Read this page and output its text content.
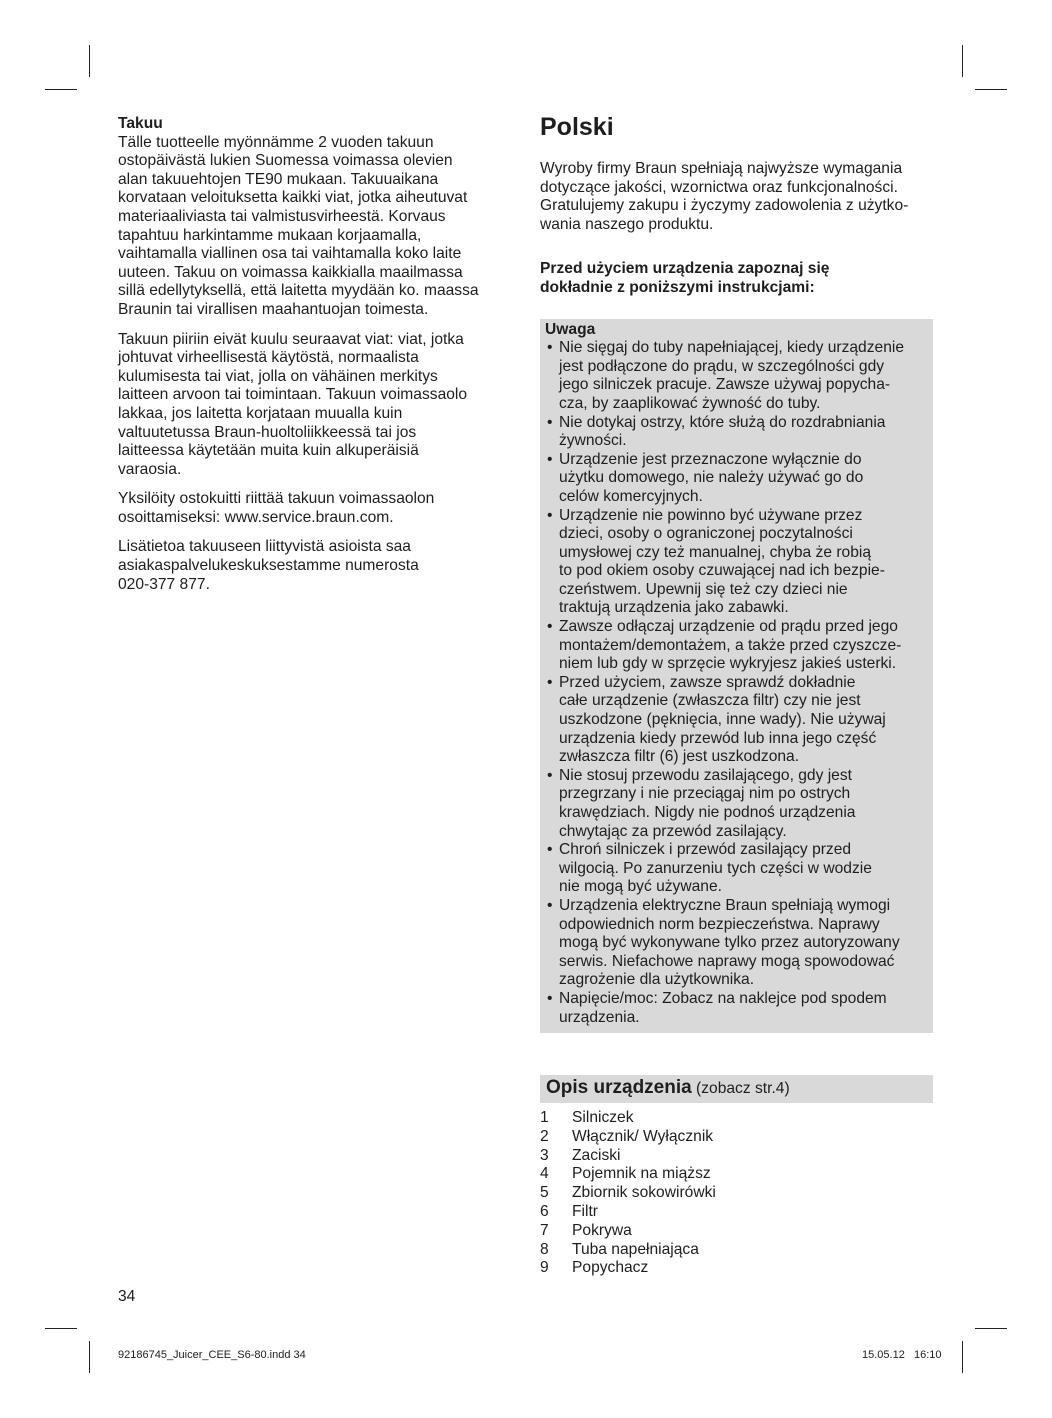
Takuu

Tälle tuotteelle myönnämme 2 vuoden takuun
ostopäivästä lukien Suomessa voimassa olevien
alan takuuehtojen TE90 mukaan. Takuuaikana
korvataan veloituksetta kaikki viat, jotka aiheutuvat
materiaaliviasta tai valmistusvirheestä. Korvaus
tapahtuu harkintamme mukaan korjaamalla,
vaihtamalla viallinen osa tai vaihtamalla koko laite
uuteen. Takuu on voimassa kaikkialla maailmassa
sillä edellytyksellä, että laitetta myydään ko. maassa
Braunin tai virallisen maahantuojan toimesta.

Takuun piiriin eivät kuulu seuraavat viat: viat, jotka
johtuvat virheellisestä käytöstä, normaalista
kulumisesta tai viat, jolla on vähäinen merkitys
laitteen arvoon tai toimintaan. Takuun voimassaolo
lakkaa, jos laitetta korjataan muualla kuin
valtuutetussa Braun-huoltoliikkeessä tai jos
laitteessa käytetään muita kuin alkuperäisiä
varaosia.

Yksilöity ostokuitti riittää takuun voimassaolon
osoittamiseksi: www.service.braun.com.

Lisätietoa takuuseen liittyvistä asioista saa
asiakaspalvelukeskuksestamme numerosta
020-377 877.

Polski

Wyroby firmy Braun spełniają najwyższe wymagania
dotyczące jakości, wzornictwa oraz funkcjonalności.
Gratulujemy zakupu i życzymy zadowolenia z użytko-
wania naszego produktu.

Przed użyciem urządzenia zapoznaj się
dokładnie z poniższymi instrukcjami:

Uwaga
• Nie sięgaj do tuby napełniającej, kiedy urządzenie
jest podłączone do prądu, w szczególności gdy
jego silniczek pracuje. Zawsze używaj popycha-
cza, by zaaplikować żywność do tuby.
• Nie dotykaj ostrzy, które służą do rozdrabniania
żywności.
• Urządzenie jest przeznaczone wyłącznie do
użytku domowego, nie należy używać go do
celów komercyjnych.
• Urządzenie nie powinno być używane przez
dzieci, osoby o ograniczonej poczytalności
umysłowej czy też manualnej, chyba że robią
to pod okiem osoby czuwającej nad ich bezpie-
czeństwem. Upewnij się też czy dzieci nie
traktują urządzenia jako zabawki.
• Zawsze odłączaj urządzenie od prądu przed jego
montażem/demontażem, a także przed czyszcze-
niem lub gdy w sprzęcie wykryjesz jakieś usterki.
• Przed użyciem, zawsze sprawdź dokładnie
całe urządzenie (zwłaszcza filtr) czy nie jest
uszkodzone (pęknięcia, inne wady). Nie używaj
urządzenia kiedy przewód lub inna jego część
zwłaszcza filtr (6) jest uszkodzona.
• Nie stosuj przewodu zasilającego, gdy jest
przegrzany i nie przeciągaj nim po ostrych
krawędziach. Nigdy nie podnoś urządzenia
chwytając za przewód zasilający.
• Chroń silniczek i przewód zasilający przed
wilgocią. Po zanurzeniu tych części w wodzie
nie mogą być używane.
• Urządzenia elektryczne Braun spełniają wymogi
odpowiednich norm bezpieczeństwa. Naprawy
mogą być wykonywane tylko przez autoryzowany
serwis. Niefachowe naprawy mogą spowodować
zagrożenie dla użytkownika.
• Napięcie/moc: Zobacz na naklejce pod spodem
urządzenia.
Opis urządzenia (zobacz str.4)
1	Silniczek
2	Włącznik/ Wyłącznik
3	Zaciski
4	Pojemnik na miąższ
5	Zbiornik sokowirówki
6	Filtr
7	Pokrywa
8	Tuba napełniająca
9	Popychacz
34
92186745_Juicer_CEE_S6-80.indd 34	15.05.12   16:10
